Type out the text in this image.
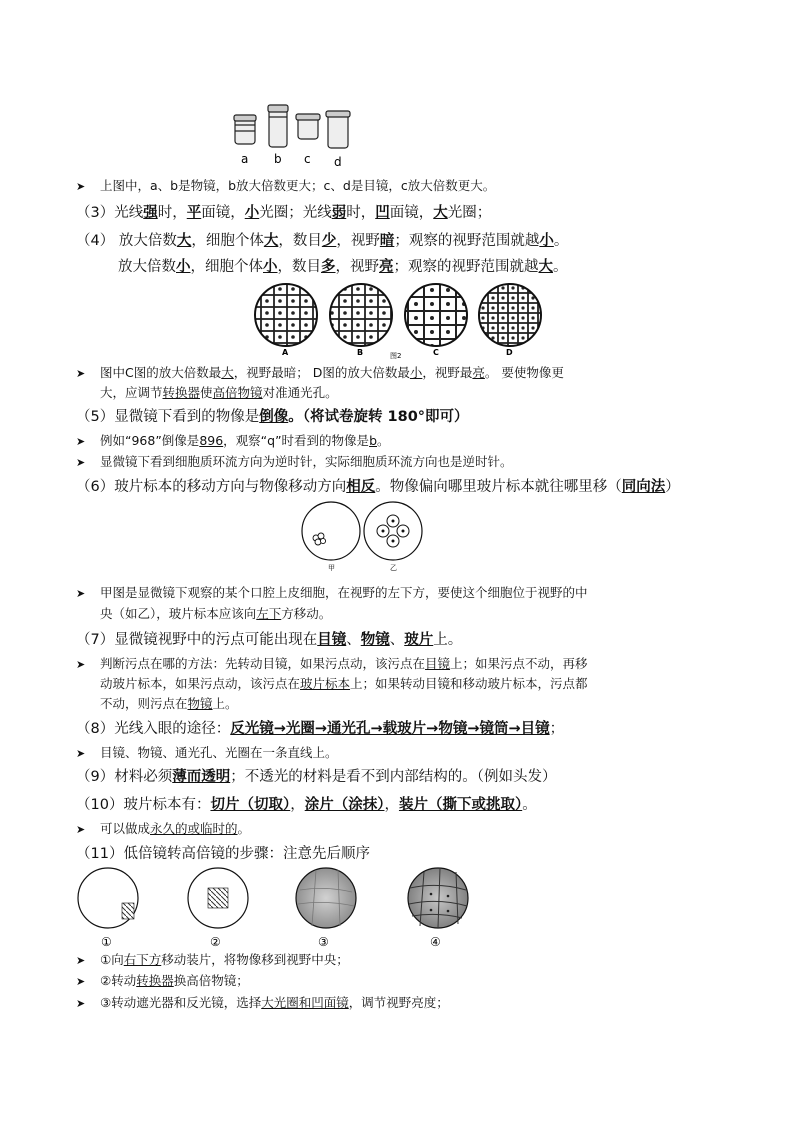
a b c d
➤ 上图中，a、b是物镜，b放大倍数更大；c、d是目镜，c放大倍数更大。
（3）光线强时，平面镜，小光圈；光线弱时，凹面镜，大光圈；
（4） 放大倍数大，细胞个体大，数目少，视野暗；观察的视野范围就越小。
放大倍数小，细胞个体小，数目多，视野亮；观察的视野范围就越大。
A	B	C	D
图2
➤ 图中C图的放大倍数最大，视野最暗； D图的放大倍数最小，视野最亮。 要使物像更
大，应调节转换器使高倍物镜对准通光孔。
（5）显微镜下看到的物像是倒像。（将试卷旋转 180°即可）
➤ 例如“968”倒像是896，观察“q”时看到的物像是b。
➤ 显微镜下看到细胞质环流方向为逆时针，实际细胞质环流方向也是逆时针。
（6）玻片标本的移动方向与物像移动方向相反。物像偏向哪里玻片标本就往哪里移（同向法）
甲	乙
➤ 甲图是显微镜下观察的某个口腔上皮细胞，在视野的左下方，要使这个细胞位于视野的中
央（如乙），玻片标本应该向左下方移动。
（7）显微镜视野中的污点可能出现在目镜、物镜、玻片上。
➤ 判断污点在哪的方法：先转动目镜，如果污点动，该污点在目镜上；如果污点不动，再移
动玻片标本，如果污点动，该污点在玻片标本上；如果转动目镜和移动玻片标本，污点都
不动，则污点在物镜上。
（8）光线入眼的途径：反光镜→光圈→通光孔→载玻片→物镜→镜筒→目镜；
➤ 目镜、物镜、通光孔、光圈在一条直线上。
（9）材料必须薄而透明；不透光的材料是看不到内部结构的。（例如头发）
（10）玻片标本有：切片（切取），涂片（涂抹），装片（撕下或挑取）。
➤ 可以做成永久的或临时的。
（11）低倍镜转高倍镜的步骤：注意先后顺序
①	②	③	④
➤ ①向右下方移动装片，将物像移到视野中央；
➤ ②转动转换器换高倍物镜；
➤ ③转动遮光器和反光镜，选择大光圈和凹面镜，调节视野亮度；
